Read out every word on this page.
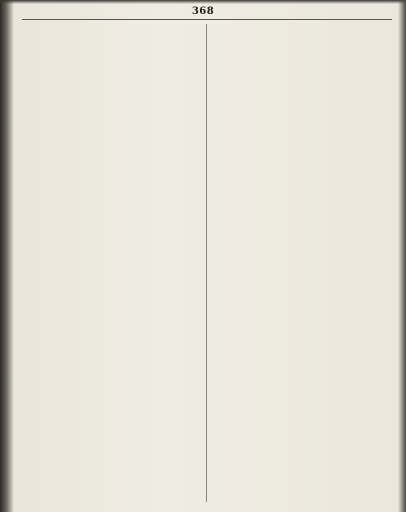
368
